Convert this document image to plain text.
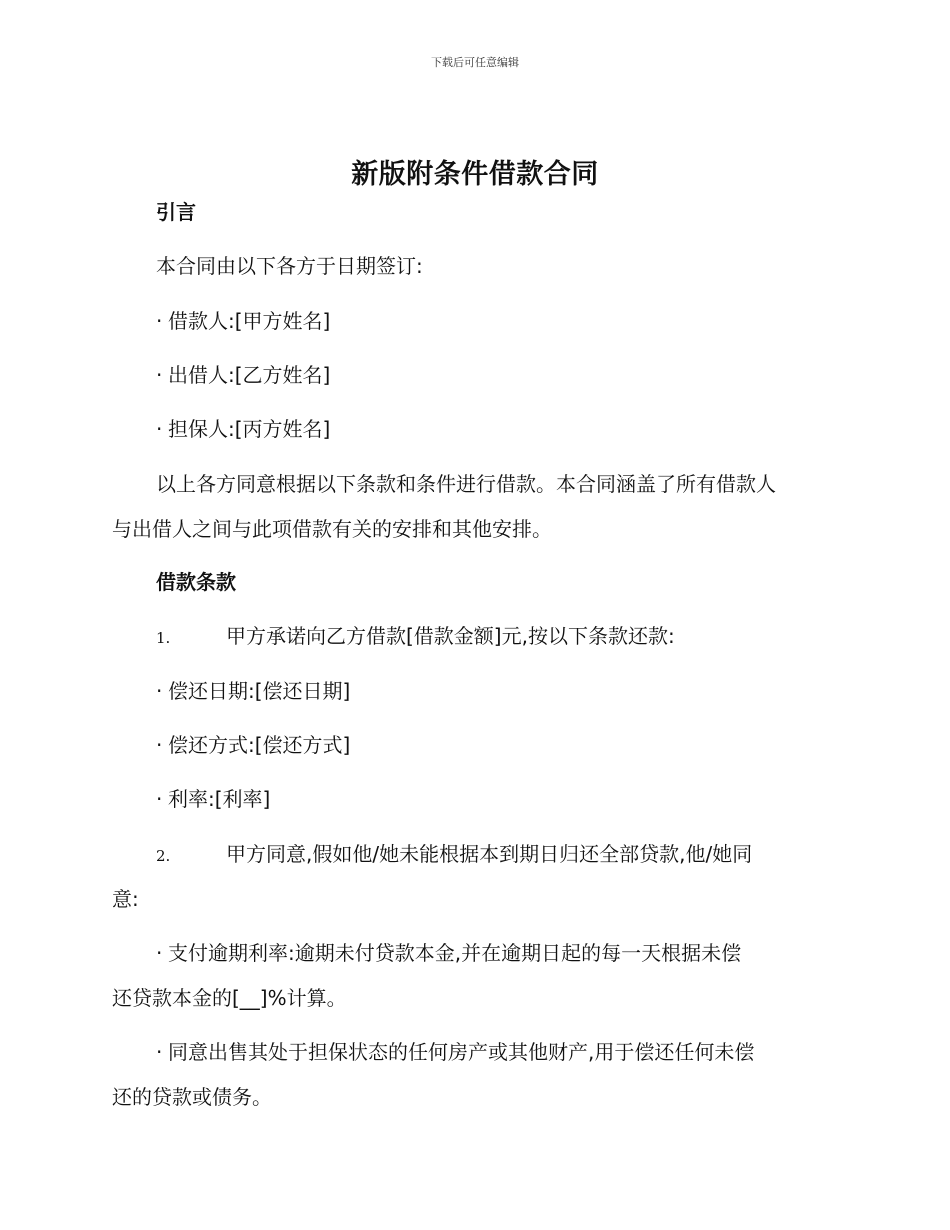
下载后可任意编辑
新版附条件借款合同
引言
本合同由以下各方于日期签订:
· 借款人:[甲方姓名]
· 出借人:[乙方姓名]
· 担保人:[丙方姓名]
以上各方同意根据以下条款和条件进行借款。本合同涵盖了所有借款人
与出借人之间与此项借款有关的安排和其他安排。
借款条款
1.	甲方承诺向乙方借款[借款金额]元,按以下条款还款:
· 偿还日期:[偿还日期]
· 偿还方式:[偿还方式]
· 利率:[利率]
2.	甲方同意,假如他/她未能根据本到期日归还全部贷款,他/她同
意:
· 支付逾期利率:逾期未付贷款本金,并在逾期日起的每一天根据未偿
还贷款本金的[__]%计算。
· 同意出售其处于担保状态的任何房产或其他财产,用于偿还任何未偿
还的贷款或债务。
